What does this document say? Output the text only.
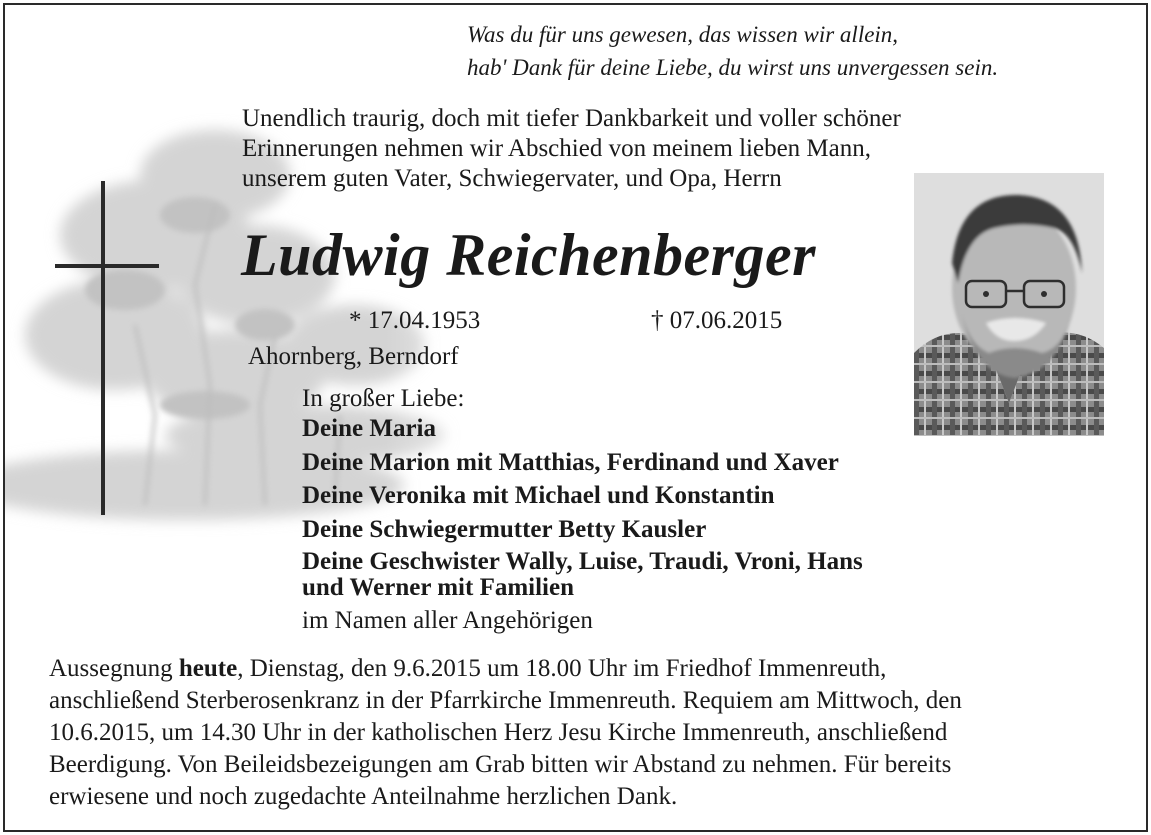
Was du für uns gewesen, das wissen wir allein,
hab' Dank für deine Liebe, du wirst uns unvergessen sein.
Unendlich traurig, doch mit tiefer Dankbarkeit und voller schöner
Erinnerungen nehmen wir Abschied von meinem lieben Mann,
unserem guten Vater, Schwiegervater, und Opa, Herrn
Ludwig Reichenberger
* 17.04.1953	† 07.06.2015
Ahornberg, Berndorf
In großer Liebe:
Deine Maria
Deine Marion mit Matthias, Ferdinand und Xaver
Deine Veronika mit Michael und Konstantin
Deine Schwiegermutter Betty Kausler
Deine Geschwister Wally, Luise, Traudi, Vroni, Hans
und Werner mit Familien
im Namen aller Angehörigen
Aussegnung heute, Dienstag, den 9.6.2015 um 18.00 Uhr im Friedhof Immenreuth,
anschließend Sterberosenkranz in der Pfarrkirche Immenreuth. Requiem am Mittwoch, den
10.6.2015, um 14.30 Uhr in der katholischen Herz Jesu Kirche Immenreuth, anschließend
Beerdigung. Von Beileidsbezeigungen am Grab bitten wir Abstand zu nehmen. Für bereits
erwiesene und noch zugedachte Anteilnahme herzlichen Dank.
